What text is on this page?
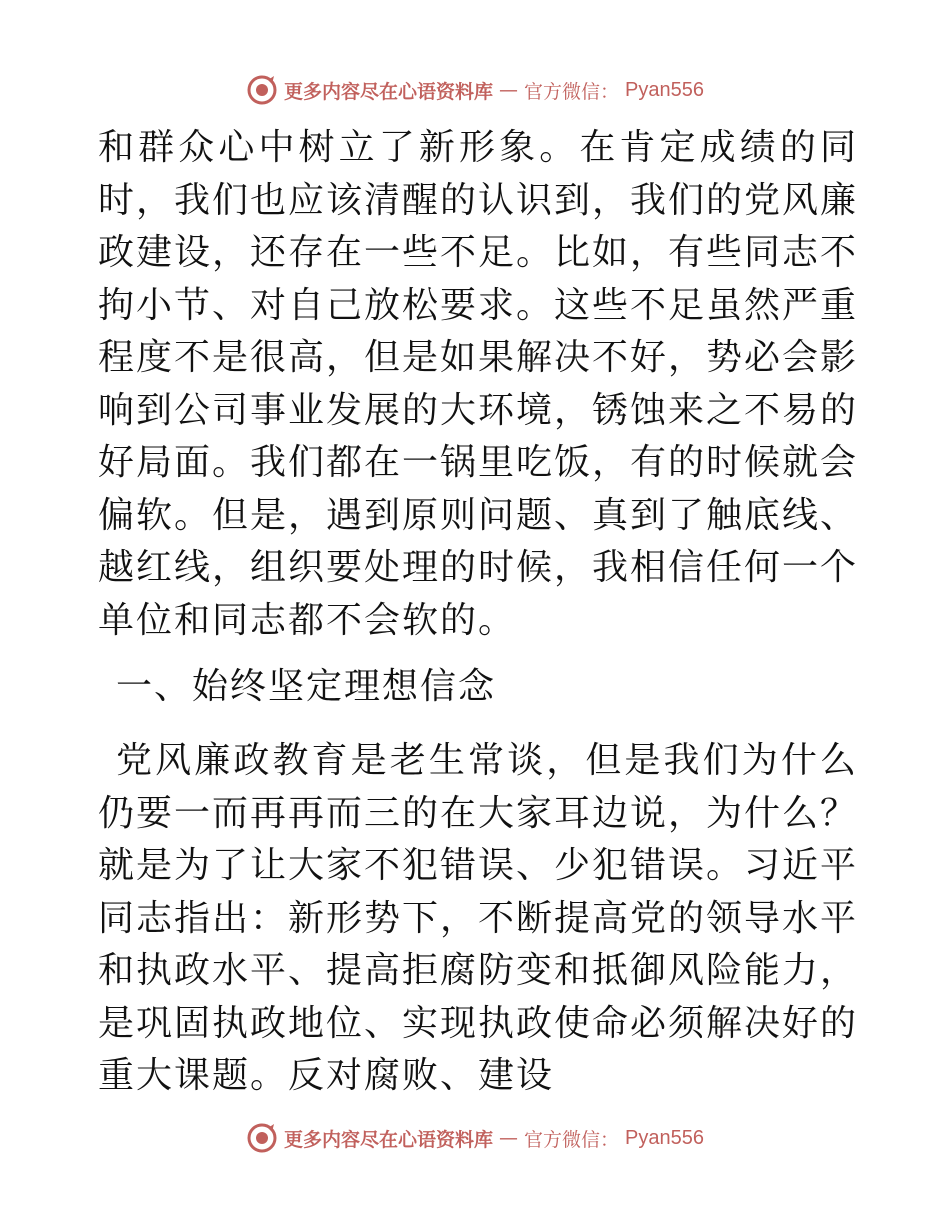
更多内容尽在心语资料库 — 官方微信： Pyan556

和群众心中树立了新形象。在肯定成绩的同时，我们也应该清醒的认识到，我们的党风廉政建设，还存在一些不足。比如，有些同志不拘小节、对自己放松要求。这些不足虽然严重程度不是很高，但是如果解决不好，势必会影响到公司事业发展的大环境，锈蚀来之不易的好局面。我们都在一锅里吃饭，有的时候就会偏软。但是，遇到原则问题、真到了触底线、越红线，组织要处理的时候，我相信任何一个单位和同志都不会软的。

一、始终坚定理想信念

党风廉政教育是老生常谈，但是我们为什么仍要一而再再而三的在大家耳边说，为什么？就是为了让大家不犯错误、少犯错误。习近平同志指出：新形势下，不断提高党的领导水平和执政水平、提高拒腐防变和抵御风险能力，是巩固执政地位、实现执政使命必须解决好的重大课题。反对腐败、建设

更多内容尽在心语资料库 — 官方微信： Pyan556
